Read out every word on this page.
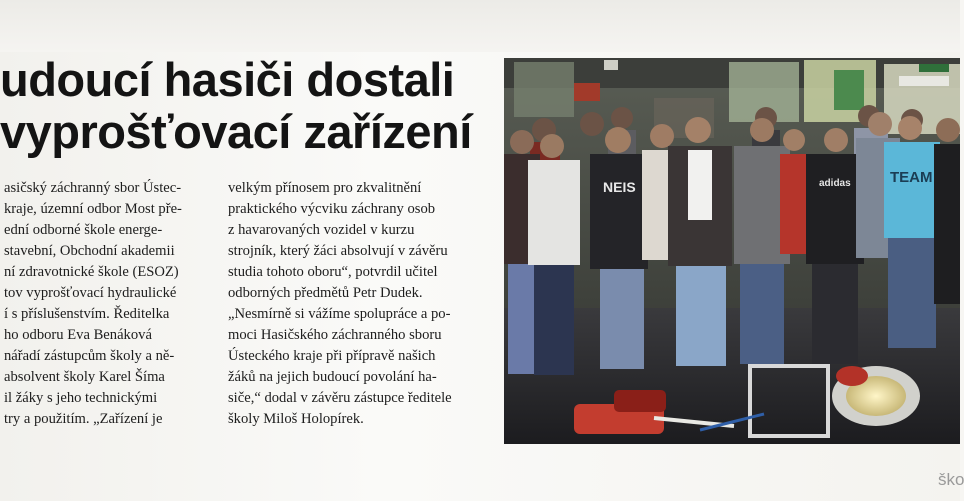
udoucí hasiči dostali
vyprošťovací zařízení
asičský záchranný sbor Ústec-
kraje, územní odbor Most pře-
ední odborné škole energe-
stavební, Obchodní akademii
ní zdravotnické škole (ESOZ)
tov vyprošťovací hydraulické
í s příslušenstvím. Ředitelka
ho odboru Eva Benáková
nářadí zástupcům školy a ně-
absolvent školy Karel Šíma
il žáky s jeho technickými
try a použitím. „Zařízení je
velkým přínosem pro zkvalitnění
praktického výcviku záchrany osob
z havarovaných vozidel v kurzu
strojník, který žáci absolvují v závěru
studia tohoto oboru“, potvrdil učitel
odborných předmětů Petr Dudek.
„Nesmírně si vážíme spolupráce a po-
moci Hasičského záchranného sboru
Ústeckého kraje při přípravě našich
žáků na jejich budoucí povolání ha-
siče,“ dodal v závěru zástupce ředitele
školy Miloš Holopírek.
NEIS	adidas	TEAM
ško
